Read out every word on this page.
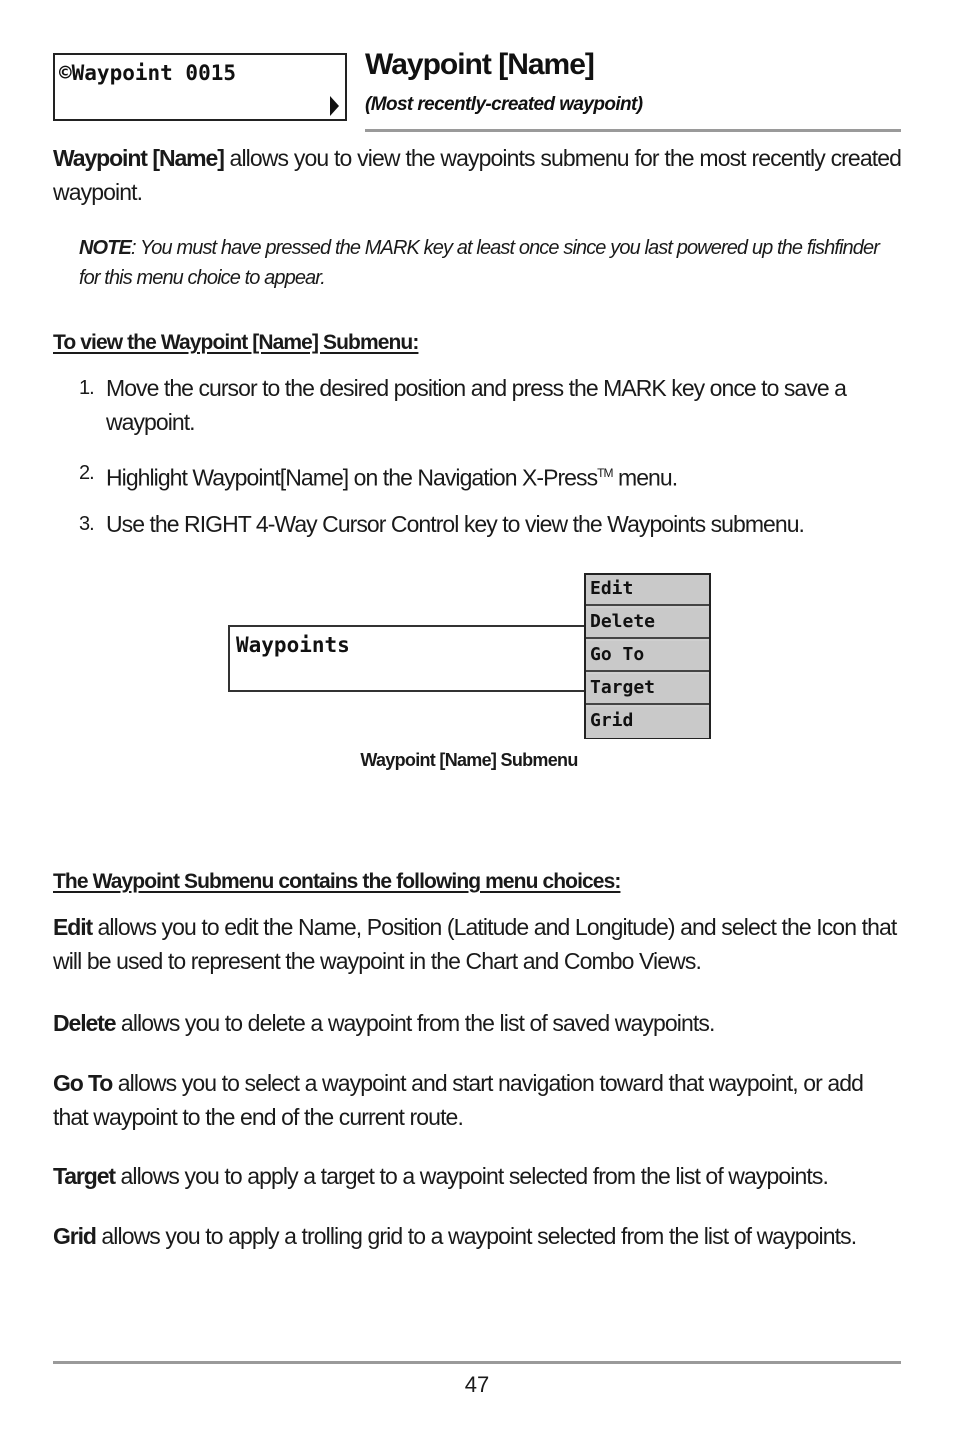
©Waypoint 0015	Waypoint [Name]
(Most recently-created waypoint)
Waypoint [Name] allows you to view the waypoints submenu for the most recently created waypoint.
NOTE: You must have pressed the MARK key at least once since you last powered up the fishfinder for this menu choice to appear.
To view the Waypoint [Name] Submenu:
1. Move the cursor to the desired position and press the MARK key once to save a waypoint.
2. Highlight Waypoint[Name] on the Navigation X-Press™ menu.
3. Use the RIGHT 4-Way Cursor Control key to view the Waypoints submenu.
Waypoints
Edit
Delete
Go To
Target
Grid
Waypoint [Name] Submenu
The Waypoint Submenu contains the following menu choices:
Edit allows you to edit the Name, Position (Latitude and Longitude) and select the Icon that will be used to represent the waypoint in the Chart and Combo Views.
Delete allows you to delete a waypoint from the list of saved waypoints.
Go To allows you to select a waypoint and start navigation toward that waypoint, or add that waypoint to the end of the current route.
Target allows you to apply a target to a waypoint selected from the list of waypoints.
Grid allows you to apply a trolling grid to a waypoint selected from the list of waypoints.
47
